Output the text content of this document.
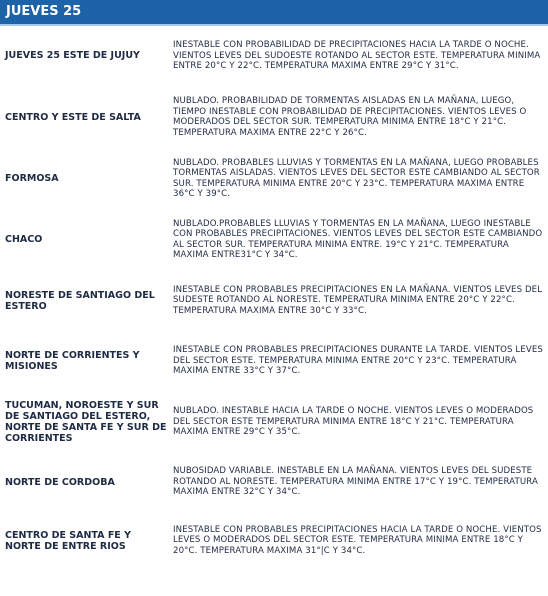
JUEVES 25
JUEVES 25 ESTE DE JUJUY	INESTABLE CON PROBABILIDAD DE PRECIPITACIONES HACIA LA TARDE O NOCHE. VIENTOS LEVES DEL SUDOESTE ROTANDO AL SECTOR ESTE. TEMPERATURA MINIMA ENTRE 20°C Y 22°C. TEMPERATURA MAXIMA ENTRE 29°C Y 31°C.
CENTRO Y ESTE DE SALTA	NUBLADO. PROBABILIDAD DE TORMENTAS AISLADAS EN LA MAÑANA, LUEGO, TIEMPO INESTABLE CON PROBABILIDAD DE PRECIPITACIONES. VIENTOS LEVES O MODERADOS DEL SECTOR SUR. TEMPERATURA MINIMA ENTRE 18°C Y 21°C. TEMPERATURA MAXIMA ENTRE 22°C Y 26°C.
FORMOSA	NUBLADO. PROBABLES LLUVIAS Y TORMENTAS EN LA MAÑANA, LUEGO PROBABLES TORMENTAS AISLADAS. VIENTOS LEVES DEL SECTOR ESTE CAMBIANDO AL SECTOR SUR. TEMPERATURA MINIMA ENTRE 20°C Y 23°C. TEMPERATURA MAXIMA ENTRE 36°C Y 39°C.
CHACO	NUBLADO.PROBABLES LLUVIAS Y TORMENTAS EN LA MAÑANA, LUEGO INESTABLE CON PROBABLES PRECIPITACIONES. VIENTOS LEVES DEL SECTOR ESTE CAMBIANDO AL SECTOR SUR. TEMPERATURA MINIMA ENTRE. 19°C Y 21°C. TEMPERATURA MAXIMA ENTRE31°C Y 34°C.
NORESTE DE SANTIAGO DEL ESTERO	INESTABLE CON PROBABLES PRECIPITACIONES EN LA MAÑANA. VIENTOS LEVES DEL SUDESTE ROTANDO AL NORESTE. TEMPERATURA MINIMA ENTRE 20°C Y 22°C. TEMPERATURA MAXIMA ENTRE 30°C Y 33°C.
NORTE DE CORRIENTES Y MISIONES	INESTABLE CON PROBABLES PRECIPITACIONES DURANTE LA TARDE. VIENTOS LEVES DEL SECTOR ESTE. TEMPERATURA MINIMA ENTRE 20°C Y 23°C. TEMPERATURA MAXIMA ENTRE 33°C Y 37°C.
TUCUMAN, NOROESTE Y SUR DE SANTIAGO DEL ESTERO, NORTE DE SANTA FE Y SUR DE CORRIENTES	NUBLADO. INESTABLE HACIA LA TARDE O NOCHE. VIENTOS LEVES O MODERADOS DEL SECTOR ESTE TEMPERATURA MINIMA ENTRE 18°C Y 21°C. TEMPERATURA MAXIMA ENTRE 29°C Y 35°C.
NORTE DE CORDOBA	NUBOSIDAD VARIABLE. INESTABLE EN LA MAÑANA. VIENTOS LEVES DEL SUDESTE ROTANDO AL NORESTE. TEMPERATURA MINIMA ENTRE 17°C Y 19°C. TEMPERATURA MAXIMA ENTRE 32°C Y 34°C.
CENTRO DE SANTA FE Y NORTE DE ENTRE RIOS	INESTABLE CON PROBABLES PRECIPITACIONES HACIA LA TARDE O NOCHE. VIENTOS LEVES O MODERADOS DEL SECTOR ESTE. TEMPERATURA MINIMA ENTRE 18°C Y 20°C. TEMPERATURA MAXIMA 31°|C Y 34°C.
